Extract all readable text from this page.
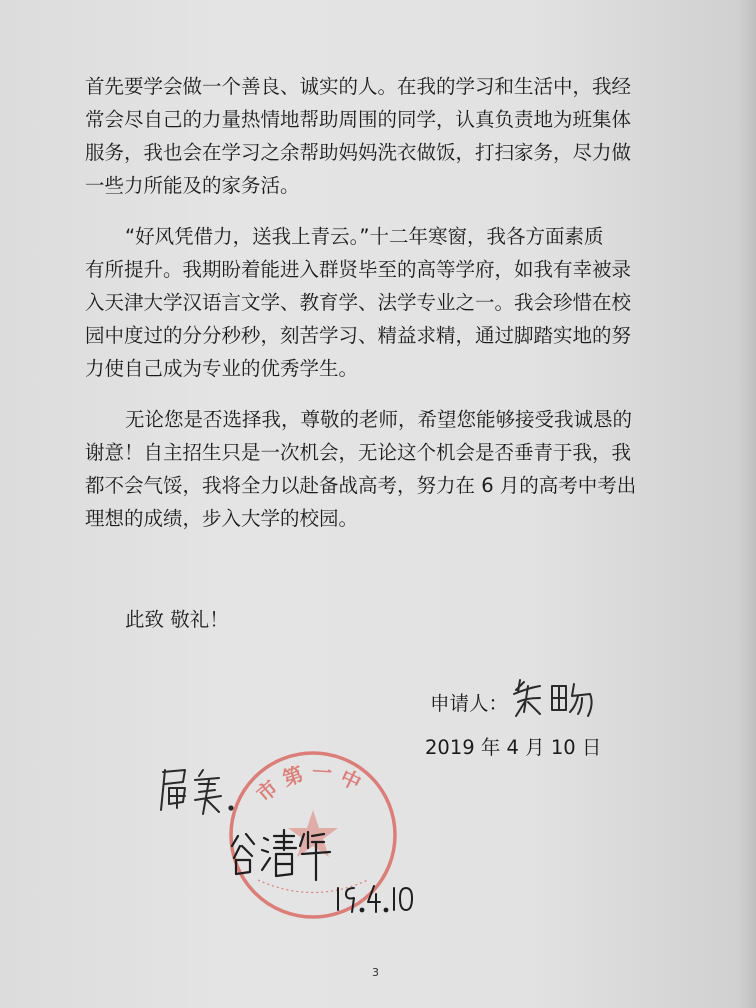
首先要学会做一个善良、诚实的人。在我的学习和生活中，我经
常会尽自己的力量热情地帮助周围的同学，认真负责地为班集体
服务，我也会在学习之余帮助妈妈洗衣做饭，打扫家务，尽力做
一些力所能及的家务活。
“好风凭借力，送我上青云。”十二年寒窗，我各方面素质
有所提升。我期盼着能进入群贤毕至的高等学府，如我有幸被录
入天津大学汉语言文学、教育学、法学专业之一。我会珍惜在校
园中度过的分分秒秒，刻苦学习、精益求精，通过脚踏实地的努
力使自己成为专业的优秀学生。
无论您是否选择我，尊敬的老师，希望您能够接受我诚恳的
谢意！自主招生只是一次机会，无论这个机会是否垂青于我，我
都不会气馁，我将全力以赴备战高考，努力在 6 月的高考中考出
理想的成绩，步入大学的校园。
此致 敬礼！
申请人：
2019 年 4 月 10 日
市 第 一 中
3
